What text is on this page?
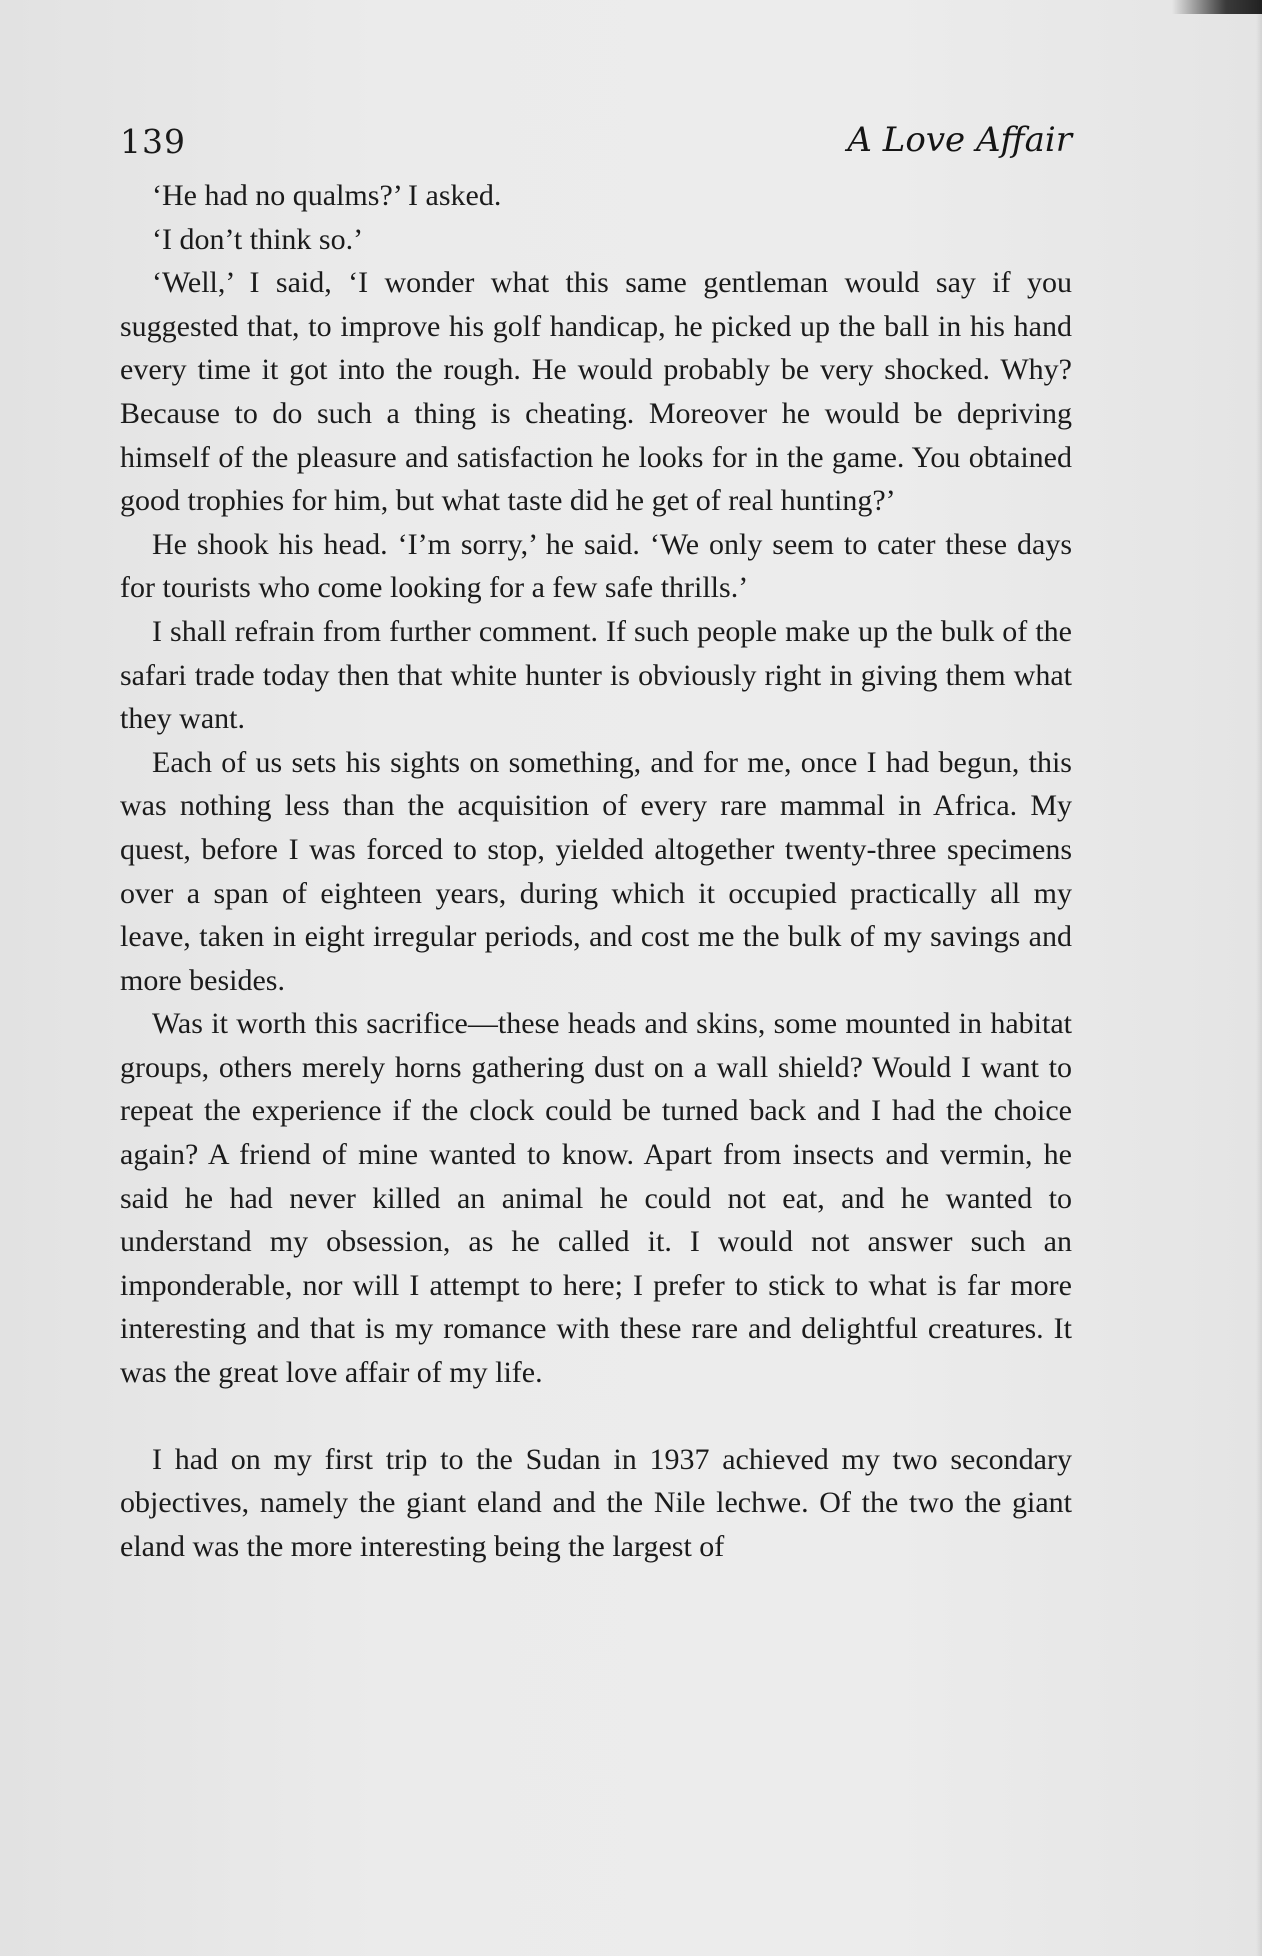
139	A Love Affair

‘He had no qualms?’ I asked.

‘I don’t think so.’

‘Well,’ I said, ‘I wonder what this same gentleman would say if you suggested that, to improve his golf handicap, he picked up the ball in his hand every time it got into the rough. He would probably be very shocked. Why? Because to do such a thing is cheating. Moreover he would be depriving himself of the pleasure and satisfaction he looks for in the game. You obtained good trophies for him, but what taste did he get of real hunting?’

He shook his head. ‘I’m sorry,’ he said. ‘We only seem to cater these days for tourists who come looking for a few safe thrills.’

I shall refrain from further comment. If such people make up the bulk of the safari trade today then that white hunter is obviously right in giving them what they want.

Each of us sets his sights on something, and for me, once I had begun, this was nothing less than the acquisition of every rare mammal in Africa. My quest, before I was forced to stop, yielded altogether twenty-three specimens over a span of eighteen years, during which it occupied practically all my leave, taken in eight irregular periods, and cost me the bulk of my savings and more besides.

Was it worth this sacrifice—these heads and skins, some mounted in habitat groups, others merely horns gathering dust on a wall shield? Would I want to repeat the experience if the clock could be turned back and I had the choice again? A friend of mine wanted to know. Apart from insects and vermin, he said he had never killed an animal he could not eat, and he wanted to understand my obsession, as he called it. I would not answer such an imponderable, nor will I attempt to here; I prefer to stick to what is far more interesting and that is my romance with these rare and delightful creatures. It was the great love affair of my life.

I had on my first trip to the Sudan in 1937 achieved my two secondary objectives, namely the giant eland and the Nile lechwe. Of the two the giant eland was the more interesting being the largest of
